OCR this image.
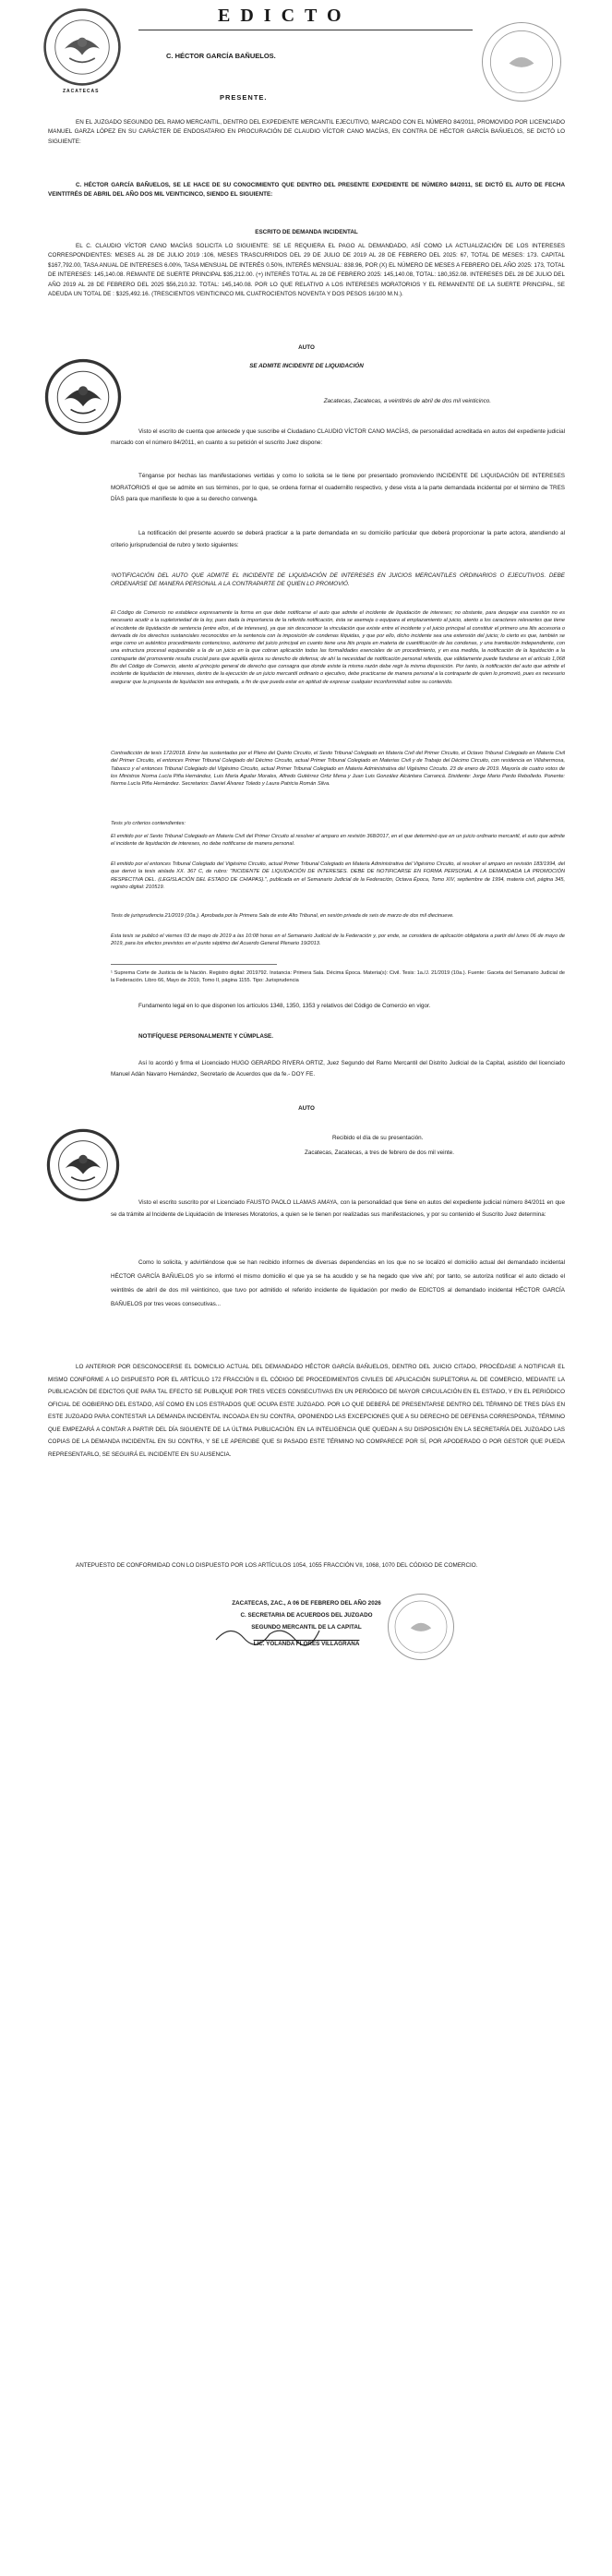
ZACATECAS
EDICTO
C. HÉCTOR GARCÍA BAÑUELOS.
PRESENTE.

EN EL JUZGADO SEGUNDO DEL RAMO MERCANTIL, DENTRO DEL EXPEDIENTE MERCANTIL EJECUTIVO, MARCADO CON EL NÚMERO 84/2011, PROMOVIDO POR LICENCIADO MANUEL GARZA LÓPEZ EN SU CARÁCTER DE ENDOSATARIO EN PROCURACIÓN DE CLAUDIO VÍCTOR CANO MACÍAS, EN CONTRA DE HÉCTOR GARCÍA BAÑUELOS, SE DICTÓ LO SIGUIENTE:

C. HÉCTOR GARCÍA BAÑUELOS, SE LE HACE DE SU CONOCIMIENTO QUE DENTRO DEL PRESENTE EXPEDIENTE DE NÚMERO 84/2011, SE DICTÓ EL AUTO DE FECHA VEINTITRÉS DE ABRIL DEL AÑO DOS MIL VEINTICINCO, SIENDO EL SIGUIENTE:

ESCRITO DE DEMANDA INCIDENTAL

EL C. CLAUDIO VÍCTOR CANO MACÍAS SOLICITA LO SIGUIENTE: SE LE REQUIERA EL PAGO AL DEMANDADO, ASÍ COMO LA ACTUALIZACIÓN DE LOS INTERESES CORRESPONDIENTES: MESES AL 28 DE JULIO 2019 :106, MESES TRASCURRIDOS DEL 29 DE JULIO DE 2019 AL 28 DE FEBRERO DEL 2025: 67, TOTAL DE MESES: 173. CAPITAL $167,792.00, TASA ANUAL DE INTERESES 6.00%, TASA MENSUAL DE INTERÉS 0.50%, INTERÉS MENSUAL: 838.96, POR (X) EL NÚMERO DE MESES A FEBRERO DEL AÑO 2025: 173, TOTAL DE INTERESES: 145,140.08. REMANTE DE SUERTE PRINCIPAL $35,212.00. (+) INTERÉS TOTAL AL 28 DE FEBRERO 2025: 145,140.08, TOTAL: 180,352.08. INTERESES DEL 28 DE JULIO DEL AÑO 2019 AL 28 DE FEBRERO DEL 2025 $56,210.32. TOTAL: 145,140.08. POR LO QUE RELATIVO A LOS INTERESES MORATORIOS Y EL REMANENTE DE LA SUERTE PRINCIPAL, SE ADEUDA UN TOTAL DE : $325,492.16. (TRESCIENTOS VEINTICINCO MIL CUATROCIENTOS NOVENTA Y DOS PESOS 16/100 M.N.).

AUTO

SE ADMITE INCIDENTE DE LIQUIDACIÓN

Zacatecas, Zacatecas, a veintitrés de abril de dos mil veinticinco.

Visto el escrito de cuenta que antecede y que suscribe el Ciudadano CLAUDIO VÍCTOR CANO MACÍAS, de personalidad acreditada en autos del expediente judicial marcado con el número 84/2011, en cuanto a su petición el suscrito Juez dispone:

Ténganse por hechas las manifestaciones vertidas y como lo solicita se le tiene por presentado promoviendo INCIDENTE DE LIQUIDACIÓN DE INTERESES MORATORIOS el que se admite en sus términos, por lo que, se ordena formar el cuadernillo respectivo, y dese vista a la parte demandada incidental por el término de TRES DÍAS para que manifieste lo que a su derecho convenga.

La notificación del presente acuerdo se deberá practicar a la parte demandada en su domicilio particular que deberá proporcionar la parte actora, atendiendo al criterio jurisprudencial de rubro y texto siguientes:

¹NOTIFICACIÓN DEL AUTO QUE ADMITE EL INCIDENTE DE LIQUIDACIÓN DE INTERESES EN JUICIOS MERCANTILES ORDINARIOS O EJECUTIVOS. DEBE ORDENARSE DE MANERA PERSONAL A LA CONTRAPARTE DE QUIEN LO PROMOVIÓ.

El Código de Comercio no establece expresamente la forma en que debe notificarse el auto que admite el incidente de liquidación de intereses; no obstante, para despejar esa cuestión no es necesario acudir a la supletoriedad de la ley, pues dada la importancia de la referida notificación, ésta se asemeja o equipara al emplazamiento al juicio, atento a los caracteres relevantes que tiene el incidente de liquidación de sentencia (entre ellos, el de intereses), ya que sin desconocer la vinculación que existe entre el incidente y el juicio principal al constituir el primero una litis accesoria o derivada de los derechos sustanciales reconocidos en la sentencia con la imposición de condenas ilíquidas, y que por ello, dicho incidente sea una extensión del juicio; lo cierto es que, también se erige como un auténtico procedimiento contencioso, autónomo del juicio principal en cuanto tiene una litis propia en materia de cuantificación de las condenas, y una tramitación independiente, con una estructura procesal equiparable a la de un juicio en la que cobran aplicación todas las formalidades esenciales de un procedimiento, y en esa medida, la notificación de la liquidación a la contraparte del promovente resulta crucial para que aquélla ejerza su derecho de defensa; de ahí la necesidad de notificación personal referida, que válidamente puede fundarse en el artículo 1,068 Bis del Código de Comercio, atento al principio general de derecho que consagra que donde existe la misma razón debe regir la misma disposición. Por tanto, la notificación del auto que admite el incidente de liquidación de intereses, dentro de la ejecución de un juicio mercantil ordinario o ejecutivo, debe practicarse de manera personal a la contraparte de quien lo promovió, pues es necesario asegurar que la propuesta de liquidación sea entregada, a fin de que pueda estar en aptitud de expresar cualquier inconformidad sobre su contenido.

Contradicción de tesis 172/2018. Entre las sustentadas por el Pleno del Quinto Circuito, el Sexto Tribunal Colegiado en Materia Civil del Primer Circuito, el Octavo Tribunal Colegiado en Materia Civil del Primer Circuito, el entonces Primer Tribunal Colegiado del Décimo Circuito, actual Primer Tribunal Colegiado en Materias Civil y de Trabajo del Décimo Circuito, con residencia en Villahermosa, Tabasco y el entonces Tribunal Colegiado del Vigésimo Circuito, actual Primer Tribunal Colegiado en Materia Administrativa del Vigésimo Circuito. 23 de enero de 2019. Mayoría de cuatro votos de los Ministros Norma Lucía Piña Hernández, Luis María Aguilar Morales, Alfredo Gutiérrez Ortiz Mena y Juan Luis González Alcántara Carrancá. Disidente: Jorge Mario Pardo Rebolledo. Ponente: Norma Lucía Piña Hernández. Secretarios: Daniel Álvarez Toledo y Laura Patricia Román Silva.

Tesis y/o criterios contendientes:

El emitido por el Sexto Tribunal Colegiado en Materia Civil del Primer Circuito al resolver el amparo en revisión 368/2017, en el que determinó que en un juicio ordinario mercantil, el auto que admite el incidente de liquidación de intereses, no debe notificarse de manera personal.

El emitido por el entonces Tribunal Colegiado del Vigésimo Circuito, actual Primer Tribunal Colegiado en Materia Administrativa del Vigésimo Circuito, al resolver el amparo en revisión 183/1994, del que derivó la tesis aislada XX. 367 C, de rubro: "INCIDENTE DE LIQUIDACIÓN DE INTERESES. DEBE DE NOTIFICARSE EN FORMA PERSONAL A LA DEMANDADA LA PROMOCIÓN RESPECTIVA DEL. (LEGISLACIÓN DEL ESTADO DE CHIAPAS).", publicada en el Semanario Judicial de la Federación, Octava Época, Tomo XIV, septiembre de 1994, materia civil, página 345, registro digital: 210519.

Tesis de jurisprudencia 21/2019 (10a.). Aprobada por la Primera Sala de este Alto Tribunal, en sesión privada de seis de marzo de dos mil diecinueve.

Esta tesis se publicó el viernes 03 de mayo de 2019 a las 10:08 horas en el Semanario Judicial de la Federación y, por ende, se considera de aplicación obligatoria a partir del lunes 06 de mayo de 2019, para los efectos previstos en el punto séptimo del Acuerdo General Plenario 19/2013.

¹ Suprema Corte de Justicia de la Nación. Registro digital: 2019792. Instancia: Primera Sala. Décima Época. Materia(s): Civil. Tesis: 1a./J. 21/2019 (10a.). Fuente: Gaceta del Semanario Judicial de la Federación. Libro 66, Mayo de 2019, Tomo II, página 1155. Tipo: Jurisprudencia

Fundamento legal en lo que disponen los artículos 1348, 1350, 1353 y relativos del Código de Comercio en vigor.

NOTIFÍQUESE PERSONALMENTE Y CÚMPLASE.

Así lo acordó y firma el Licenciado HUGO GERARDO RIVERA ORTIZ, Juez Segundo del Ramo Mercantil del Distrito Judicial de la Capital, asistido del licenciado Manuel Adán Navarro Hernández, Secretario de Acuerdos que da fe.- DOY FE.

AUTO

Recibido el día de su presentación.

Zacatecas, Zacatecas, a tres de febrero de dos mil veinte.

Visto el escrito suscrito por el Licenciado FAUSTO PAOLO LLAMAS AMAYA, con la personalidad que tiene en autos del expediente judicial número 84/2011 en que se da trámite al Incidente de Liquidación de Intereses Moratorios, a quien se le tienen por realizadas sus manifestaciones, y por su contenido el Suscrito Juez determina:

Como lo solicita, y advirtiéndose que se han recibido informes de diversas dependencias en los que no se localizó el domicilio actual del demandado incidental HÉCTOR GARCÍA BAÑUELOS y/o se informó el mismo domicilio el que ya se ha acudido y se ha negado que vive ahí; por tanto, se autoriza notificar el auto dictado el veintitrés de abril de dos mil veinticinco, que tuvo por admitido el referido incidente de liquidación por medio de EDICTOS al demandado incidental HÉCTOR GARCÍA BAÑUELOS por tres veces consecutivas...

LO ANTERIOR POR DESCONOCERSE EL DOMICILIO ACTUAL DEL DEMANDADO HÉCTOR GARCÍA BAÑUELOS, DENTRO DEL JUICIO CITADO, PROCÉDASE A NOTIFICAR EL MISMO CONFORME A LO DISPUESTO POR EL ARTÍCULO 172 FRACCIÓN II EL CÓDIGO DE PROCEDIMIENTOS CIVILES DE APLICACIÓN SUPLETORIA AL DE COMERCIO, MEDIANTE LA PUBLICACIÓN DE EDICTOS QUE PARA TAL EFECTO SE PUBLIQUE POR TRES VECES CONSECUTIVAS EN UN PERIÓDICO DE MAYOR CIRCULACIÓN EN EL ESTADO, Y EN EL PERIÓDICO OFICIAL DE GOBIERNO DEL ESTADO, ASÍ COMO EN LOS ESTRADOS QUE OCUPA ESTE JUZGADO. POR LO QUE DEBERÁ DE PRESENTARSE DENTRO DEL TÉRMINO DE TRES DÍAS EN ESTE JUZGADO PARA CONTESTAR LA DEMANDA INCIDENTAL INCOADA EN SU CONTRA, OPONIENDO LAS EXCEPCIONES QUE A SU DERECHO DE DEFENSA CORRESPONDA, TÉRMINO QUE EMPEZARÁ A CONTAR A PARTIR DEL DÍA SIGUIENTE DE LA ÚLTIMA PUBLICACIÓN. EN LA INTELIGENCIA QUE QUEDAN A SU DISPOSICIÓN EN LA SECRETARÍA DEL JUZGADO LAS COPIAS DE LA DEMANDA INCIDENTAL EN SU CONTRA, Y SE LE APERCIBE QUE SI PASADO ESTE TÉRMINO NO COMPARECE POR SÍ, POR APODERADO O POR GESTOR QUE PUEDA REPRESENTARLO, SE SEGUIRÁ EL INCIDENTE EN SU AUSENCIA.

ANTEPUESTO DE CONFORMIDAD CON LO DISPUESTO POR LOS ARTÍCULOS 1054, 1055 FRACCIÓN VII, 1068, 1070 DEL CÓDIGO DE COMERCIO.

ZACATECAS, ZAC., A 06 DE FEBRERO DEL AÑO 2026

C. SECRETARIA DE ACUERDOS DEL JUZGADO

SEGUNDO MERCANTIL DE LA CAPITAL

LIC. YOLANDA FLORES VILLAGRANA
